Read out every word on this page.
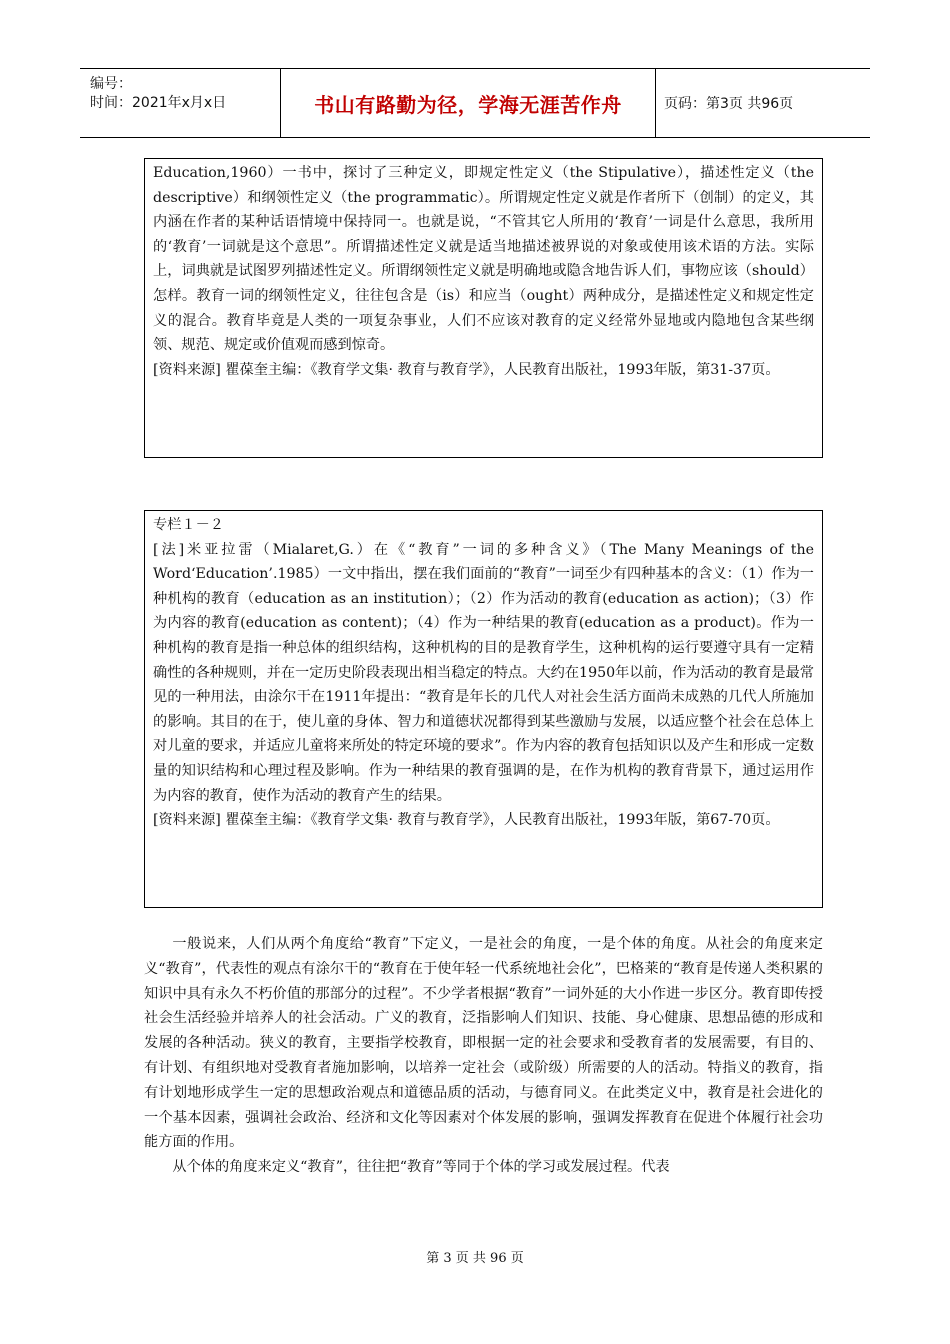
编号：
时间：2021年x月x日	书山有路勤为径，学海无涯苦作舟	页码：第3页 共96页

Education,1960）一书中，探讨了三种定义，即规定性定义（the Stipulative），描述性定义（the descriptive）和纲领性定义（the programmatic）。所谓规定性定义就是作者所下（创制）的定义，其内涵在作者的某种话语情境中保持同一。也就是说，“不管其它人所用的‘教育’一词是什么意思，我所用的‘教育’一词就是这个意思”。所谓描述性定义就是适当地描述被界说的对象或使用该术语的方法。实际上，词典就是试图罗列描述性定义。所谓纲领性定义就是明确地或隐含地告诉人们，事物应该（should）怎样。教育一词的纲领性定义，往往包含是（is）和应当（ought）两种成分，是描述性定义和规定性定义的混合。教育毕竟是人类的一项复杂事业，人们不应该对教育的定义经常外显地或内隐地包含某些纲领、规范、规定或价值观而感到惊奇。

[资料来源] 瞿葆奎主编：《教育学文集· 教育与教育学》，人民教育出版社，1993年版，第31-37页。

专栏１－２

[法]米亚拉雷（Mialaret,G.）在《“教育”一词的多种含义》（The Many Meanings of the Word‘Education’.1985）一文中指出，摆在我们面前的“教育”一词至少有四种基本的含义：（1）作为一种机构的教育（education as an institution）；（2）作为活动的教育(education as action)；（3）作为内容的教育(education as content)；（4）作为一种结果的教育(education as a product)。作为一种机构的教育是指一种总体的组织结构，这种机构的目的是教育学生，这种机构的运行要遵守具有一定精确性的各种规则，并在一定历史阶段表现出相当稳定的特点。大约在1950年以前，作为活动的教育是最常见的一种用法，由涂尔干在1911年提出：“教育是年长的几代人对社会生活方面尚未成熟的几代人所施加的影响。其目的在于，使儿童的身体、智力和道德状况都得到某些激励与发展，以适应整个社会在总体上对儿童的要求，并适应儿童将来所处的特定环境的要求”。作为内容的教育包括知识以及产生和形成一定数量的知识结构和心理过程及影响。作为一种结果的教育强调的是，在作为机构的教育背景下，通过运用作为内容的教育，使作为活动的教育产生的结果。

[资料来源] 瞿葆奎主编：《教育学文集· 教育与教育学》，人民教育出版社，1993年版，第67-70页。

一般说来，人们从两个角度给“教育”下定义，一是社会的角度，一是个体的角度。从社会的角度来定义“教育”，代表性的观点有涂尔干的“教育在于使年轻一代系统地社会化”，巴格莱的“教育是传递人类积累的知识中具有永久不朽价值的那部分的过程”。不少学者根据“教育”一词外延的大小作进一步区分。教育即传授社会生活经验并培养人的社会活动。广义的教育，泛指影响人们知识、技能、身心健康、思想品德的形成和发展的各种活动。狭义的教育，主要指学校教育，即根据一定的社会要求和受教育者的发展需要，有目的、有计划、有组织地对受教育者施加影响，以培养一定社会（或阶级）所需要的人的活动。特指义的教育，指有计划地形成学生一定的思想政治观点和道德品质的活动，与德育同义。在此类定义中，教育是社会进化的一个基本因素，强调社会政治、经济和文化等因素对个体发展的影响，强调发挥教育在促进个体履行社会功能方面的作用。

从个体的角度来定义“教育”，往往把“教育”等同于个体的学习或发展过程。代表

第 3 页 共 96 页
